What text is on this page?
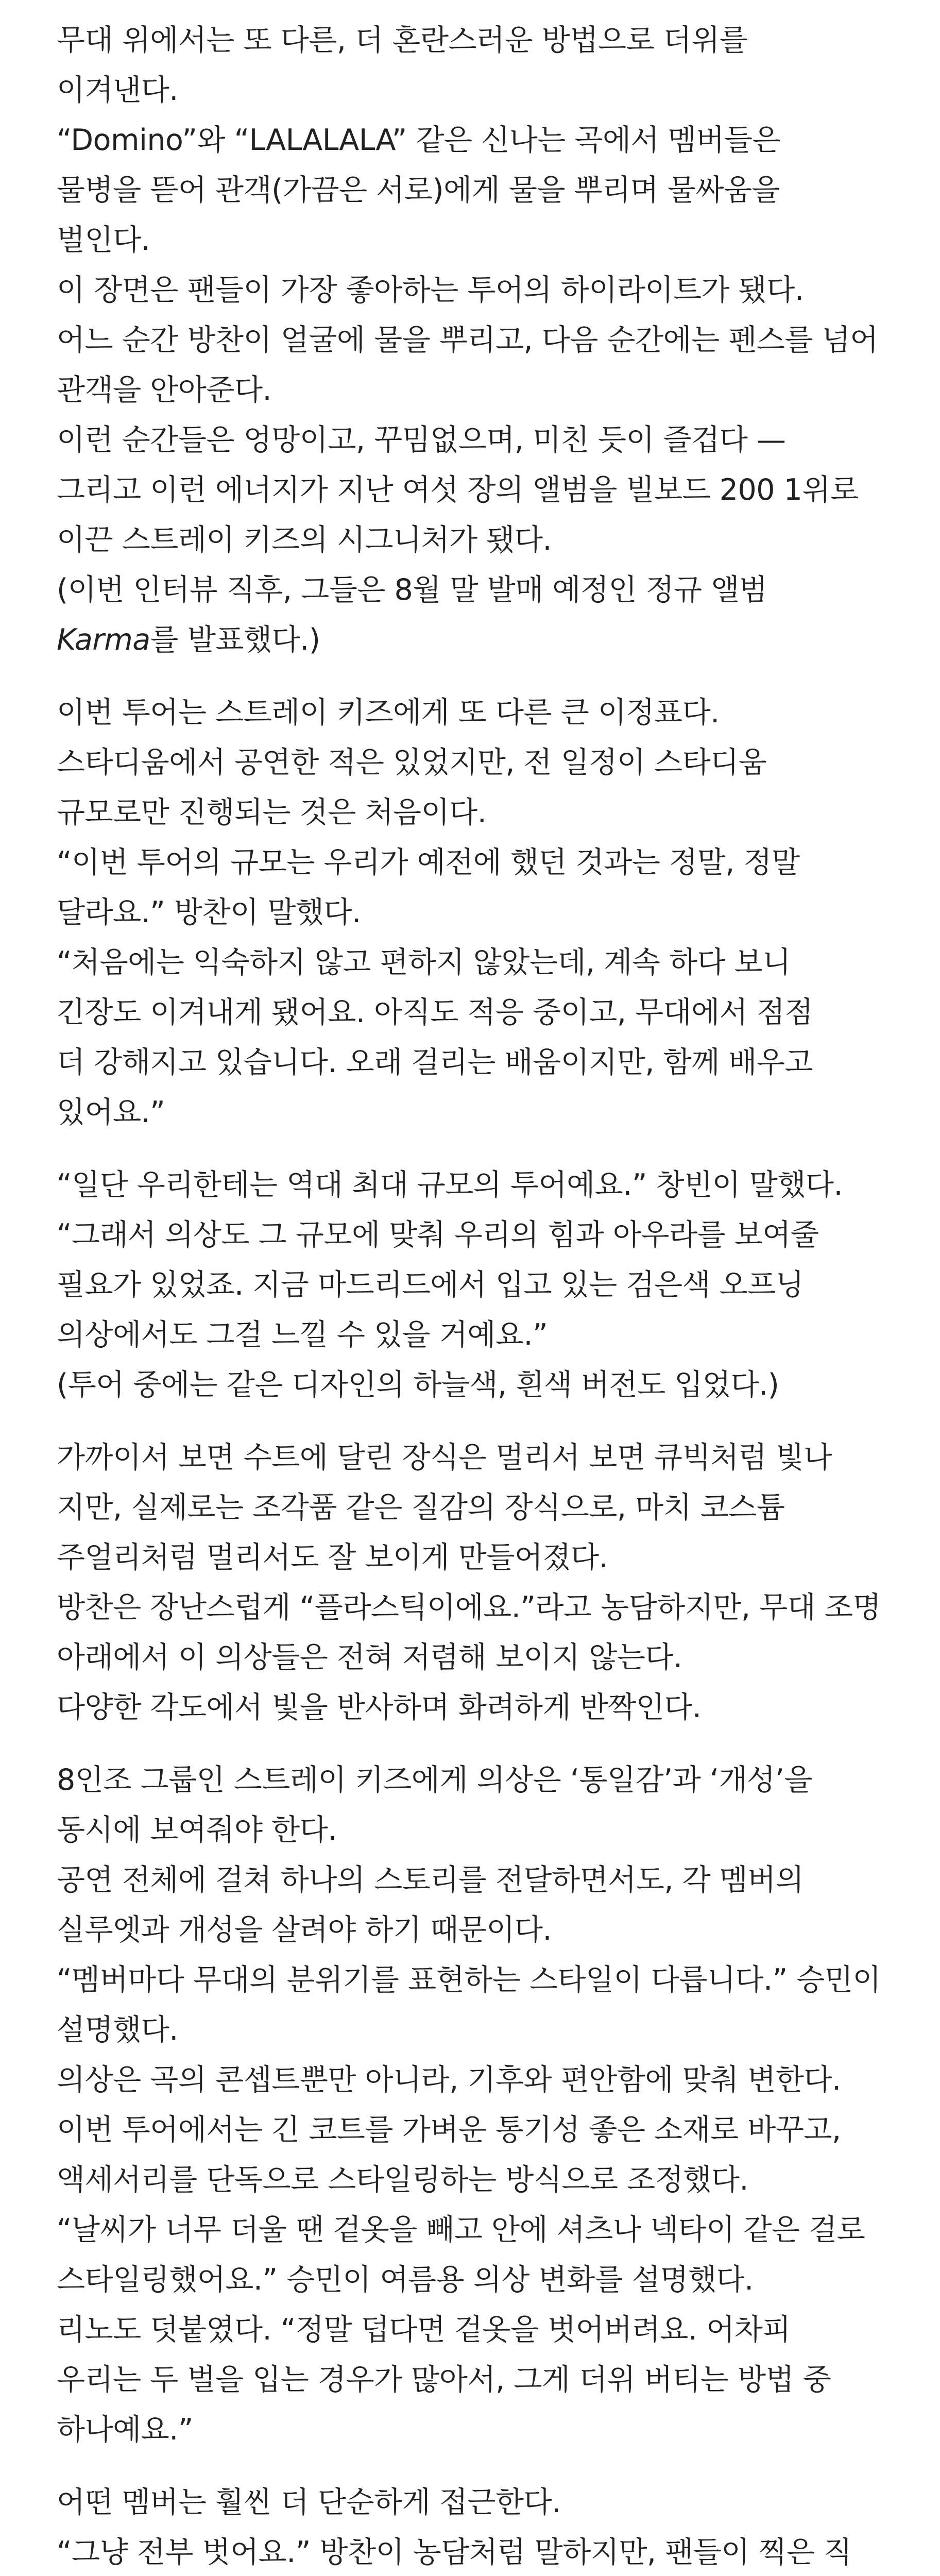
무대 위에서는 또 다른, 더 혼란스러운 방법으로 더위를
이겨낸다.
“Domino”와 “LALALALA” 같은 신나는 곡에서 멤버들은
물병을 뜯어 관객(가끔은 서로)에게 물을 뿌리며 물싸움을
벌인다.
이 장면은 팬들이 가장 좋아하는 투어의 하이라이트가 됐다.
어느 순간 방찬이 얼굴에 물을 뿌리고, 다음 순간에는 펜스를 넘어
관객을 안아준다.
이런 순간들은 엉망이고, 꾸밈없으며, 미친 듯이 즐겁다 —
그리고 이런 에너지가 지난 여섯 장의 앨범을 빌보드 200 1위로
이끈 스트레이 키즈의 시그니처가 됐다.
(이번 인터뷰 직후, 그들은 8월 말 발매 예정인 정규 앨범
Karma를 발표했다.)
이번 투어는 스트레이 키즈에게 또 다른 큰 이정표다.
스타디움에서 공연한 적은 있었지만, 전 일정이 스타디움
규모로만 진행되는 것은 처음이다.
“이번 투어의 규모는 우리가 예전에 했던 것과는 정말, 정말
달라요.” 방찬이 말했다.
“처음에는 익숙하지 않고 편하지 않았는데, 계속 하다 보니
긴장도 이겨내게 됐어요. 아직도 적응 중이고, 무대에서 점점
더 강해지고 있습니다. 오래 걸리는 배움이지만, 함께 배우고
있어요.”
“일단 우리한테는 역대 최대 규모의 투어예요.” 창빈이 말했다.
“그래서 의상도 그 규모에 맞춰 우리의 힘과 아우라를 보여줄
필요가 있었죠. 지금 마드리드에서 입고 있는 검은색 오프닝
의상에서도 그걸 느낄 수 있을 거예요.”
(투어 중에는 같은 디자인의 하늘색, 흰색 버전도 입었다.)
가까이서 보면 수트에 달린 장식은 멀리서 보면 큐빅처럼 빛나
지만, 실제로는 조각품 같은 질감의 장식으로, 마치 코스튬
주얼리처럼 멀리서도 잘 보이게 만들어졌다.
방찬은 장난스럽게 “플라스틱이에요.”라고 농담하지만, 무대 조명
아래에서 이 의상들은 전혀 저렴해 보이지 않는다.
다양한 각도에서 빛을 반사하며 화려하게 반짝인다.
8인조 그룹인 스트레이 키즈에게 의상은 ‘통일감’과 ‘개성’을
동시에 보여줘야 한다.
공연 전체에 걸쳐 하나의 스토리를 전달하면서도, 각 멤버의
실루엣과 개성을 살려야 하기 때문이다.
“멤버마다 무대의 분위기를 표현하는 스타일이 다릅니다.” 승민이
설명했다.
의상은 곡의 콘셉트뿐만 아니라, 기후와 편안함에 맞춰 변한다.
이번 투어에서는 긴 코트를 가벼운 통기성 좋은 소재로 바꾸고,
액세서리를 단독으로 스타일링하는 방식으로 조정했다.
“날씨가 너무 더울 땐 겉옷을 빼고 안에 셔츠나 넥타이 같은 걸로
스타일링했어요.” 승민이 여름용 의상 변화를 설명했다.
리노도 덧붙였다. “정말 덥다면 겉옷을 벗어버려요. 어차피
우리는 두 벌을 입는 경우가 많아서, 그게 더위 버티는 방법 중
하나예요.”
어떤 멤버는 훨씬 더 단순하게 접근한다.
“그냥 전부 벗어요.” 방찬이 농담처럼 말하지만, 팬들이 찍은 직
